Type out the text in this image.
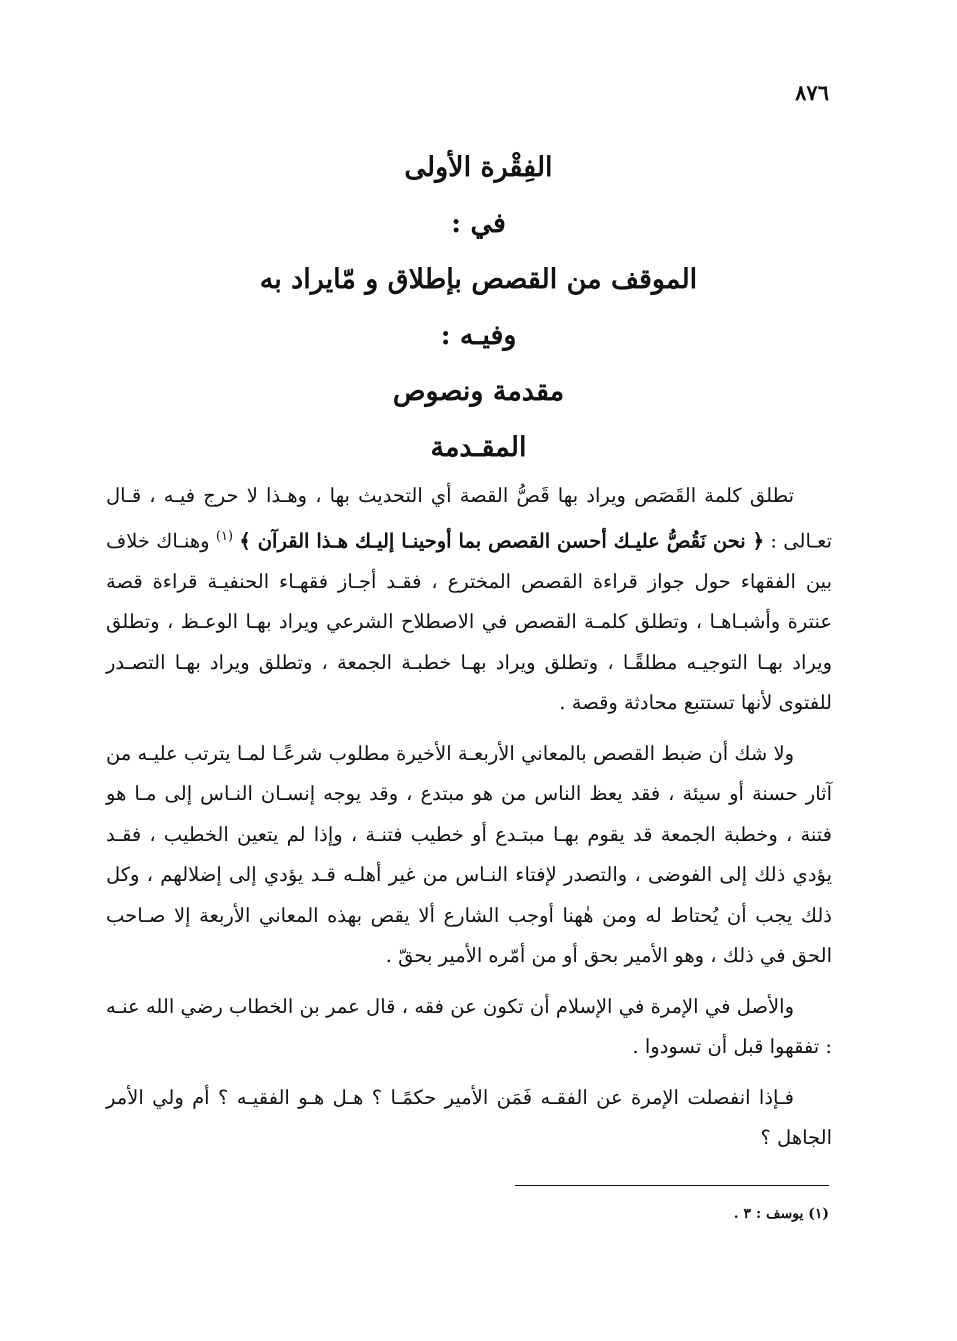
٨٧٦

الفِقْرة الأولى

في :

الموقف من القصص بإطلاق و مّايراد به

وفيـه :

مقدمة ونصوص

المقـدمة

تطلق كلمة القَصَص ويراد بها قَصُّ القصة أي التحديث بها ، وهـذا لا حرج فيـه ، قـال تعـالى : ﴿ نحن نَقُصُّ عليـك أحسن القصص بما أوحينـا إليـك هـذا القرآن ﴾ $^{(١)}$ وهنـاك خلاف بين الفقهاء حول جواز قراءة القصص المخترع ، فقـد أجـاز فقهـاء الحنفيـة قراءة قصة عنترة وأشبـاهـا ، وتطلق كلمـة القصص في الاصطلاح الشرعي ويراد بهـا الوعـظ ، وتطلق ويراد بهـا التوجيـه مطلقًـا ، وتطلق ويراد بهـا خطبـة الجمعة ، وتطلق ويراد بهـا التصـدر للفتوى لأنها تستتبع محادثة وقصة .

ولا شك أن ضبط القصص بالمعاني الأربعـة الأخيرة مطلوب شرعًـا لمـا يترتب عليـه من آثار حسنة أو سيئة ، فقد يعظ الناس من هو مبتدع ، وقد يوجه إنسـان النـاس إلى مـا هو فتنة ، وخطبة الجمعة قد يقوم بهـا مبتـدع أو خطيب فتنـة ، وإذا لم يتعين الخطيب ، فقـد يؤدي ذلك إلى الفوضى ، والتصدر لإفتاء النـاس من غير أهلـه قـد يؤدي إلى إضلالهم ، وكل ذلك يجب أن يُحتاط له ومن هٰهنا أوجب الشارع ألا يقص بهذه المعاني الأربعة إلا صـاحب الحق في ذلك ، وهو الأمير بحق أو من أمّره الأمير بحقّ .

والأصل في الإمرة في الإسلام أن تكون عن فقه ، قال عمر بن الخطاب رضي الله عنـه : تفقهوا قبل أن تسودوا .

فـإذا انفصلت الإمرة عن الفقـه فَمَن الأمير حكمًـا ؟ هـل هـو الفقيـه ؟ أم ولي الأمر الجاهل ؟

(١) يوسف : ٣ .
